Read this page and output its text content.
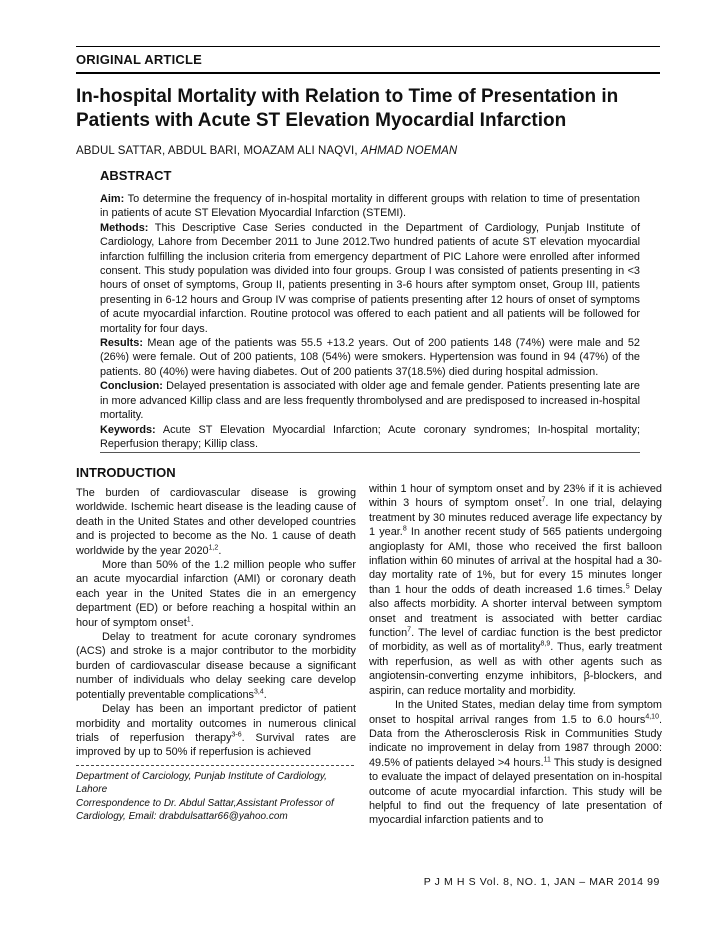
ORIGINAL ARTICLE
In-hospital Mortality with Relation to Time of Presentation in Patients with Acute ST Elevation Myocardial Infarction
ABDUL SATTAR, ABDUL BARI, MOAZAM ALI NAQVI, AHMAD NOEMAN
ABSTRACT

Aim: To determine the frequency of in-hospital mortality in different groups with relation to time of presentation in patients of acute ST Elevation Myocardial Infarction (STEMI).

Methods: This Descriptive Case Series conducted in the Department of Cardiology, Punjab Institute of Cardiology, Lahore from December 2011 to June 2012.Two hundred patients of acute ST elevation myocardial infarction fulfilling the inclusion criteria from emergency department of PIC Lahore were enrolled after informed consent. This study population was divided into four groups. Group I was consisted of patients presenting in <3 hours of onset of symptoms, Group II, patients presenting in 3-6 hours after symptom onset, Group III, patients presenting in 6-12 hours and Group IV was comprise of patients presenting after 12 hours of onset of symptoms of acute myocardial infarction. Routine protocol was offered to each patient and all patients will be followed for mortality for four days.

Results: Mean age of the patients was 55.5 +13.2 years. Out of 200 patients 148 (74%) were male and 52 (26%) were female. Out of 200 patients, 108 (54%) were smokers. Hypertension was found in 94 (47%) of the patients. 80 (40%) were having diabetes. Out of 200 patients 37(18.5%) died during hospital admission.

Conclusion: Delayed presentation is associated with older age and female gender. Patients presenting late are in more advanced Killip class and are less frequently thrombolysed and are predisposed to increased in-hospital mortality.

Keywords: Acute ST Elevation Myocardial Infarction; Acute coronary syndromes; In-hospital mortality; Reperfusion therapy; Killip class.

INTRODUCTION

The burden of cardiovascular disease is growing worldwide. Ischemic heart disease is the leading cause of death in the United States and other developed countries and is projected to become as the No. 1 cause of death worldwide by the year 2020$^{1,2}$.

More than 50% of the 1.2 million people who suffer an acute myocardial infarction (AMI) or coronary death each year in the United States die in an emergency department (ED) or before reaching a hospital within an hour of symptom onset$^1$.

Delay to treatment for acute coronary syndromes (ACS) and stroke is a major contributor to the morbidity burden of cardiovascular disease because a significant number of individuals who delay seeking care develop potentially preventable complications$^{3,4}$.

Delay has been an important predictor of patient morbidity and mortality outcomes in numerous clinical trials of reperfusion therapy$^{3-6}$. Survival rates are improved by up to 50% if reperfusion is achieved

Department of Carciology, Punjab Institute of Cardiology, Lahore

Correspondence to Dr. Abdul Sattar,Assistant Professor of Cardiology, Email: drabdulsattar66@yahoo.com

within 1 hour of symptom onset and by 23% if it is achieved within 3 hours of symptom onset$^7$. In one trial, delaying treatment by 30 minutes reduced average life expectancy by 1 year.$^8$ In another recent study of 565 patients undergoing angioplasty for AMI, those who received the first balloon inflation within 60 minutes of arrival at the hospital had a 30-day mortality rate of 1%, but for every 15 minutes longer than 1 hour the odds of death increased 1.6 times.$^5$ Delay also affects morbidity. A shorter interval between symptom onset and treatment is associated with better cardiac function$^7$. The level of cardiac function is the best predictor of morbidity, as well as of mortality$^{8,9}$. Thus, early treatment with reperfusion, as well as with other agents such as angiotensin-converting enzyme inhibitors, β-blockers, and aspirin, can reduce mortality and morbidity.

In the United States, median delay time from symptom onset to hospital arrival ranges from 1.5 to 6.0 hours$^{4,10}$. Data from the Atherosclerosis Risk in Communities Study indicate no improvement in delay from 1987 through 2000: 49.5% of patients delayed >4 hours.$^{11}$ This study is designed to evaluate the impact of delayed presentation on in-hospital outcome of acute myocardial infarction. This study will be helpful to find out the frequency of late presentation of myocardial infarction patients and to

P J M H S Vol. 8, NO. 1, JAN – MAR 2014 99
